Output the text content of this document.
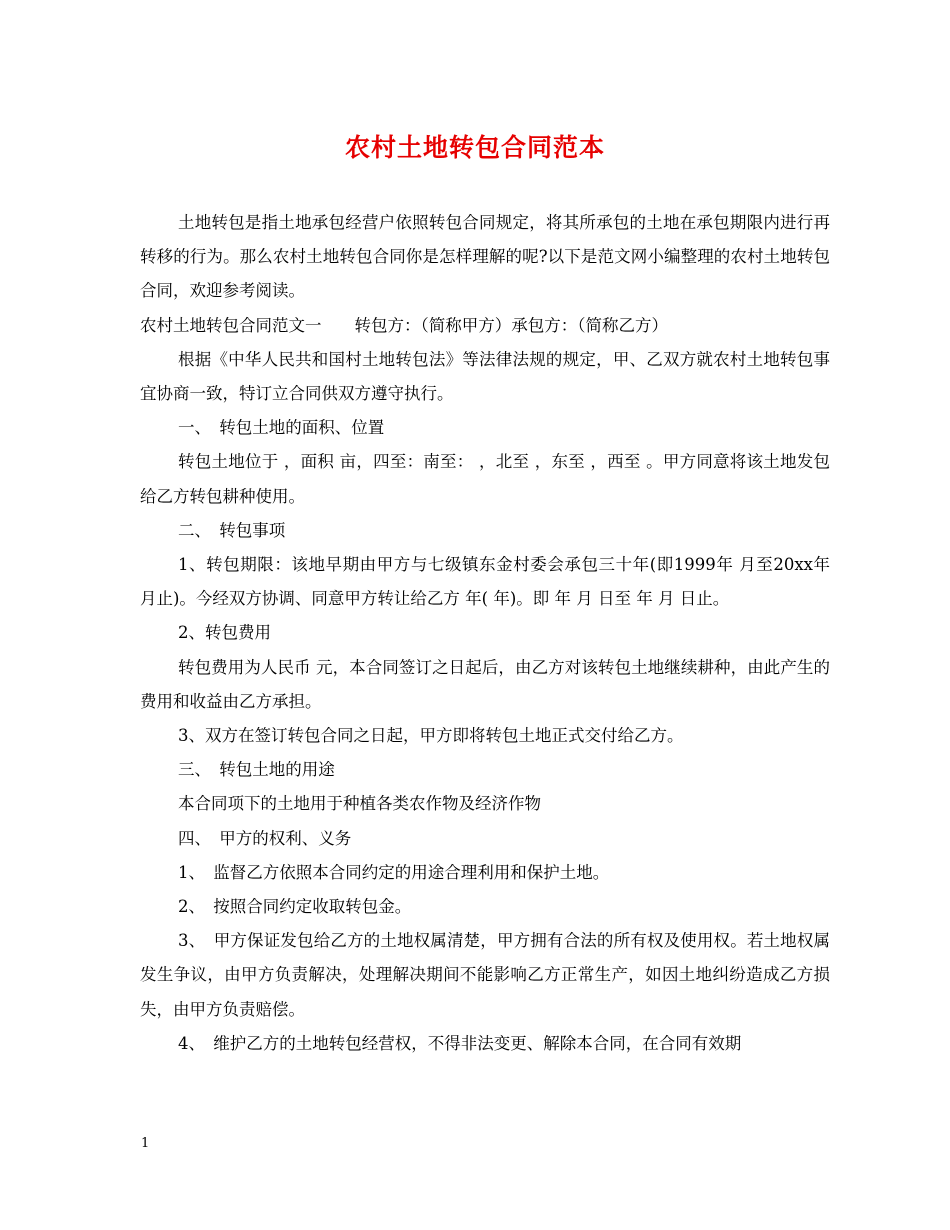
农村土地转包合同范本

土地转包是指土地承包经营户依照转包合同规定，将其所承包的土地在承包期限内进行再转移的行为。那么农村土地转包合同你是怎样理解的呢?以下是范文网小编整理的农村土地转包合同，欢迎参考阅读。

农村土地转包合同范文一　　转包方：（简称甲方）承包方：（简称乙方）

根据《中华人民共和国村土地转包法》等法律法规的规定，甲、乙双方就农村土地转包事宜协商一致，特订立合同供双方遵守执行。

一、　转包土地的面积、位置

转包土地位于 ，面积 亩，四至：南至： ，北至 ，东至 ，西至 。甲方同意将该土地发包给乙方转包耕种使用。

二、　转包事项

1、转包期限：该地早期由甲方与七级镇东金村委会承包三十年(即1999年 月至20xx年 月止)。今经双方协调、同意甲方转让给乙方 年( 年)。即 年 月 日至 年 月 日止。

2、转包费用

转包费用为人民币 元，本合同签订之日起后，由乙方对该转包土地继续耕种，由此产生的费用和收益由乙方承担。

3、双方在签订转包合同之日起，甲方即将转包土地正式交付给乙方。

三、　转包土地的用途

本合同项下的土地用于种植各类农作物及经济作物

四、　甲方的权利、义务

1、　监督乙方依照本合同约定的用途合理利用和保护土地。

2、　按照合同约定收取转包金。

3、　甲方保证发包给乙方的土地权属清楚，甲方拥有合法的所有权及使用权。若土地权属发生争议，由甲方负责解决，处理解决期间不能影响乙方正常生产，如因土地纠纷造成乙方损失，由甲方负责赔偿。

4、　维护乙方的土地转包经营权，不得非法变更、解除本合同，在合同有效期

1
